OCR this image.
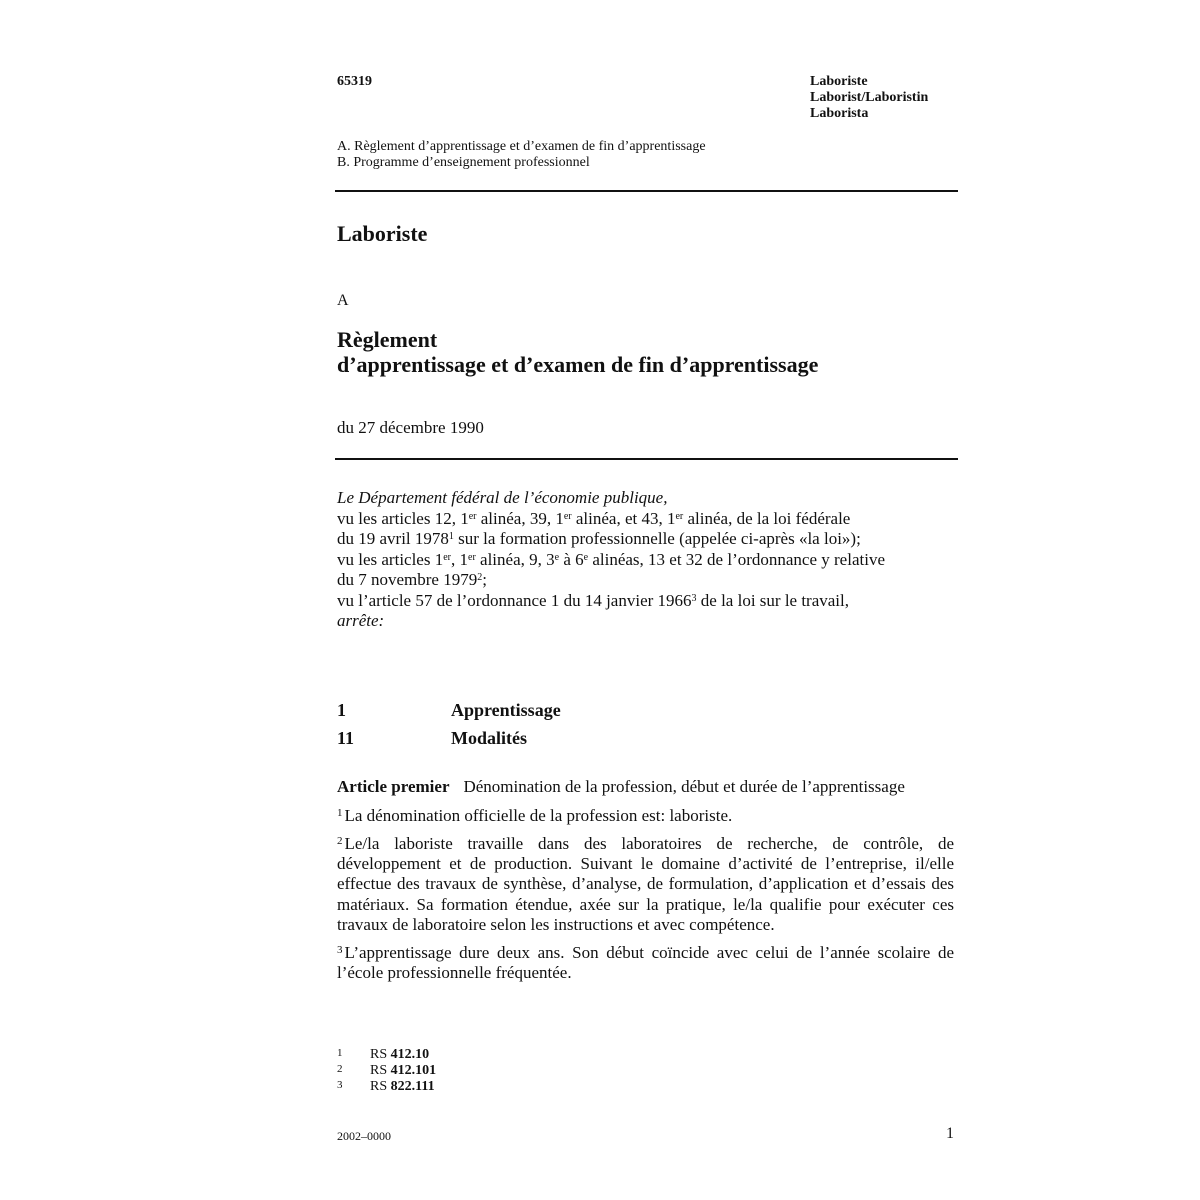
65319	Laboriste
Laborist/Laboristin
Laborista
A. Règlement d’apprentissage et d’examen de fin d’apprentissage
B. Programme d’enseignement professionnel
Laboriste
A
Règlement
d’apprentissage et d’examen de fin d’apprentissage
du 27 décembre 1990
Le Département fédéral de l’économie publique,
vu les articles 12, 1er alinéa, 39, 1er alinéa, et 43, 1er alinéa, de la loi fédérale
du 19 avril 1978$^1$ sur la formation professionnelle (appelée ci-après «la loi»);
vu les articles 1er, 1er alinéa, 9, 3e à 6e alinéas, 13 et 32 de l’ordonnance y relative
du 7 novembre 1979$^2$;
vu l’article 57 de l’ordonnance 1 du 14 janvier 1966$^3$ de la loi sur le travail,
arrête:
1	Apprentissage
11	Modalités
Article premier Dénomination de la profession, début et durée de l’apprentissage
$^1$ La dénomination officielle de la profession est: laboriste.
$^2$ Le/la laboriste travaille dans des laboratoires de recherche, de contrôle, de développement et de production. Suivant le domaine d’activité de l’entreprise, il/elle effectue des travaux de synthèse, d’analyse, de formulation, d’application et d’essais des matériaux. Sa formation étendue, axée sur la pratique, le/la qualifie pour exécuter ces travaux de laboratoire selon les instructions et avec compétence.
$^3$ L’apprentissage dure deux ans. Son début coïncide avec celui de l’année scolaire de l’école professionnelle fréquentée.
1	RS 412.10
2	RS 412.101
3	RS 822.111
2002–0000	1
